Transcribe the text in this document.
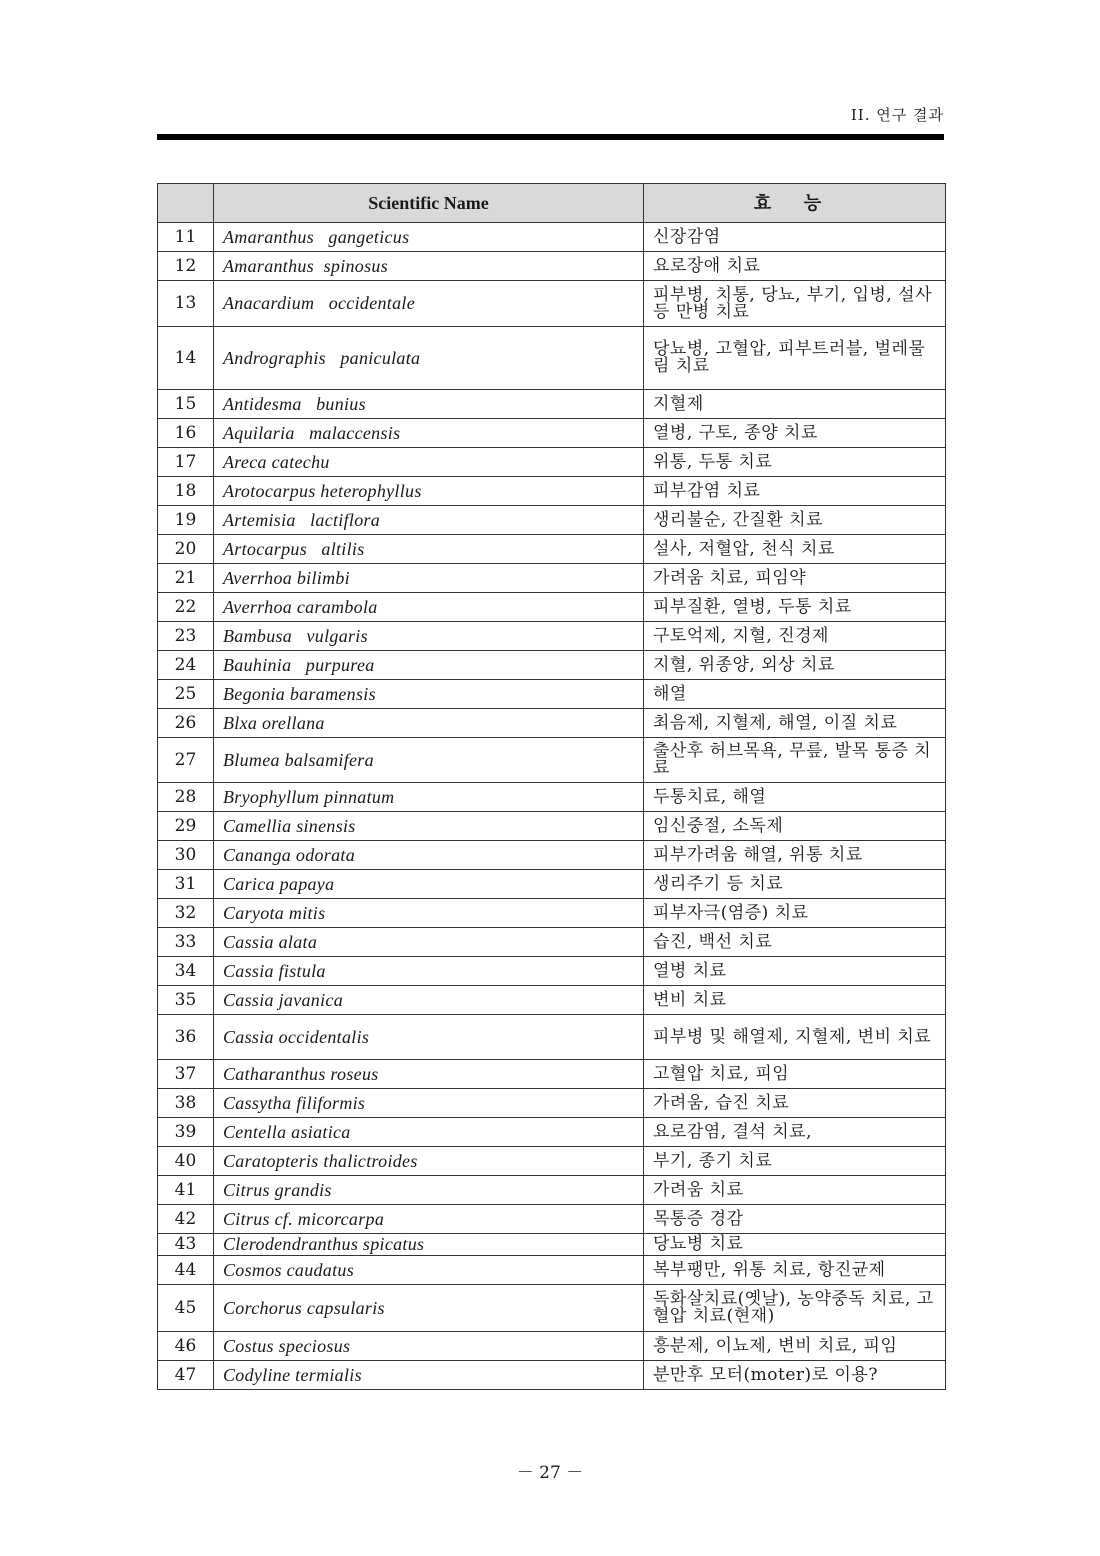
II. 연구 결과
	Scientific Name	효 능
11	Amaranthus   gangeticus	신장감염
12	Amaranthus  spinosus	요로장애 치료
13	Anacardium   occidentale	피부병, 치통, 당뇨, 부기, 입병, 설사 등 만병 치료
14	Andrographis   paniculata	당뇨병, 고혈압, 피부트러블, 벌레물림 치료
15	Antidesma   bunius	지혈제
16	Aquilaria   malaccensis	열병, 구토, 종양 치료
17	Areca catechu	위통, 두통 치료
18	Arotocarpus heterophyllus	피부감염 치료
19	Artemisia   lactiflora	생리불순, 간질환 치료
20	Artocarpus   altilis	설사, 저혈압, 천식 치료
21	Averrhoa bilimbi	가려움 치료, 피임약
22	Averrhoa carambola	피부질환, 열병, 두통 치료
23	Bambusa   vulgaris	구토억제, 지혈, 진경제
24	Bauhinia   purpurea	지혈, 위종양, 외상 치료
25	Begonia baramensis	해열
26	Blxa orellana	최음제, 지혈제, 해열, 이질 치료
27	Blumea balsamifera	출산후 허브목욕, 무릎, 발목 통증 치료
28	Bryophyllum pinnatum	두통치료, 해열
29	Camellia sinensis	임신중절, 소독제
30	Cananga odorata	피부가려움 해열, 위통 치료
31	Carica papaya	생리주기 등 치료
32	Caryota mitis	피부자극(염증) 치료
33	Cassia alata	습진, 백선 치료
34	Cassia fistula	열병 치료
35	Cassia javanica	변비 치료
36	Cassia occidentalis	피부병 및 해열제, 지혈제, 변비 치료
37	Catharanthus roseus	고혈압 치료, 피임
38	Cassytha filiformis	가려움, 습진 치료
39	Centella asiatica	요로감염, 결석 치료,
40	Caratopteris thalictroides	부기, 종기 치료
41	Citrus grandis	가려움 치료
42	Citrus cf. micorcarpa	목통증 경감
43	Clerodendranthus spicatus	당뇨병 치료
44	Cosmos caudatus	복부팽만, 위통 치료, 항진균제
45	Corchorus capsularis	독화살치료(옛날), 농약중독 치료, 고혈압 치료(현재)
46	Costus speciosus	흥분제, 이뇨제, 변비 치료, 피임
47	Codyline termialis	분만후 모터(moter)로 이용?
－ 27 －
